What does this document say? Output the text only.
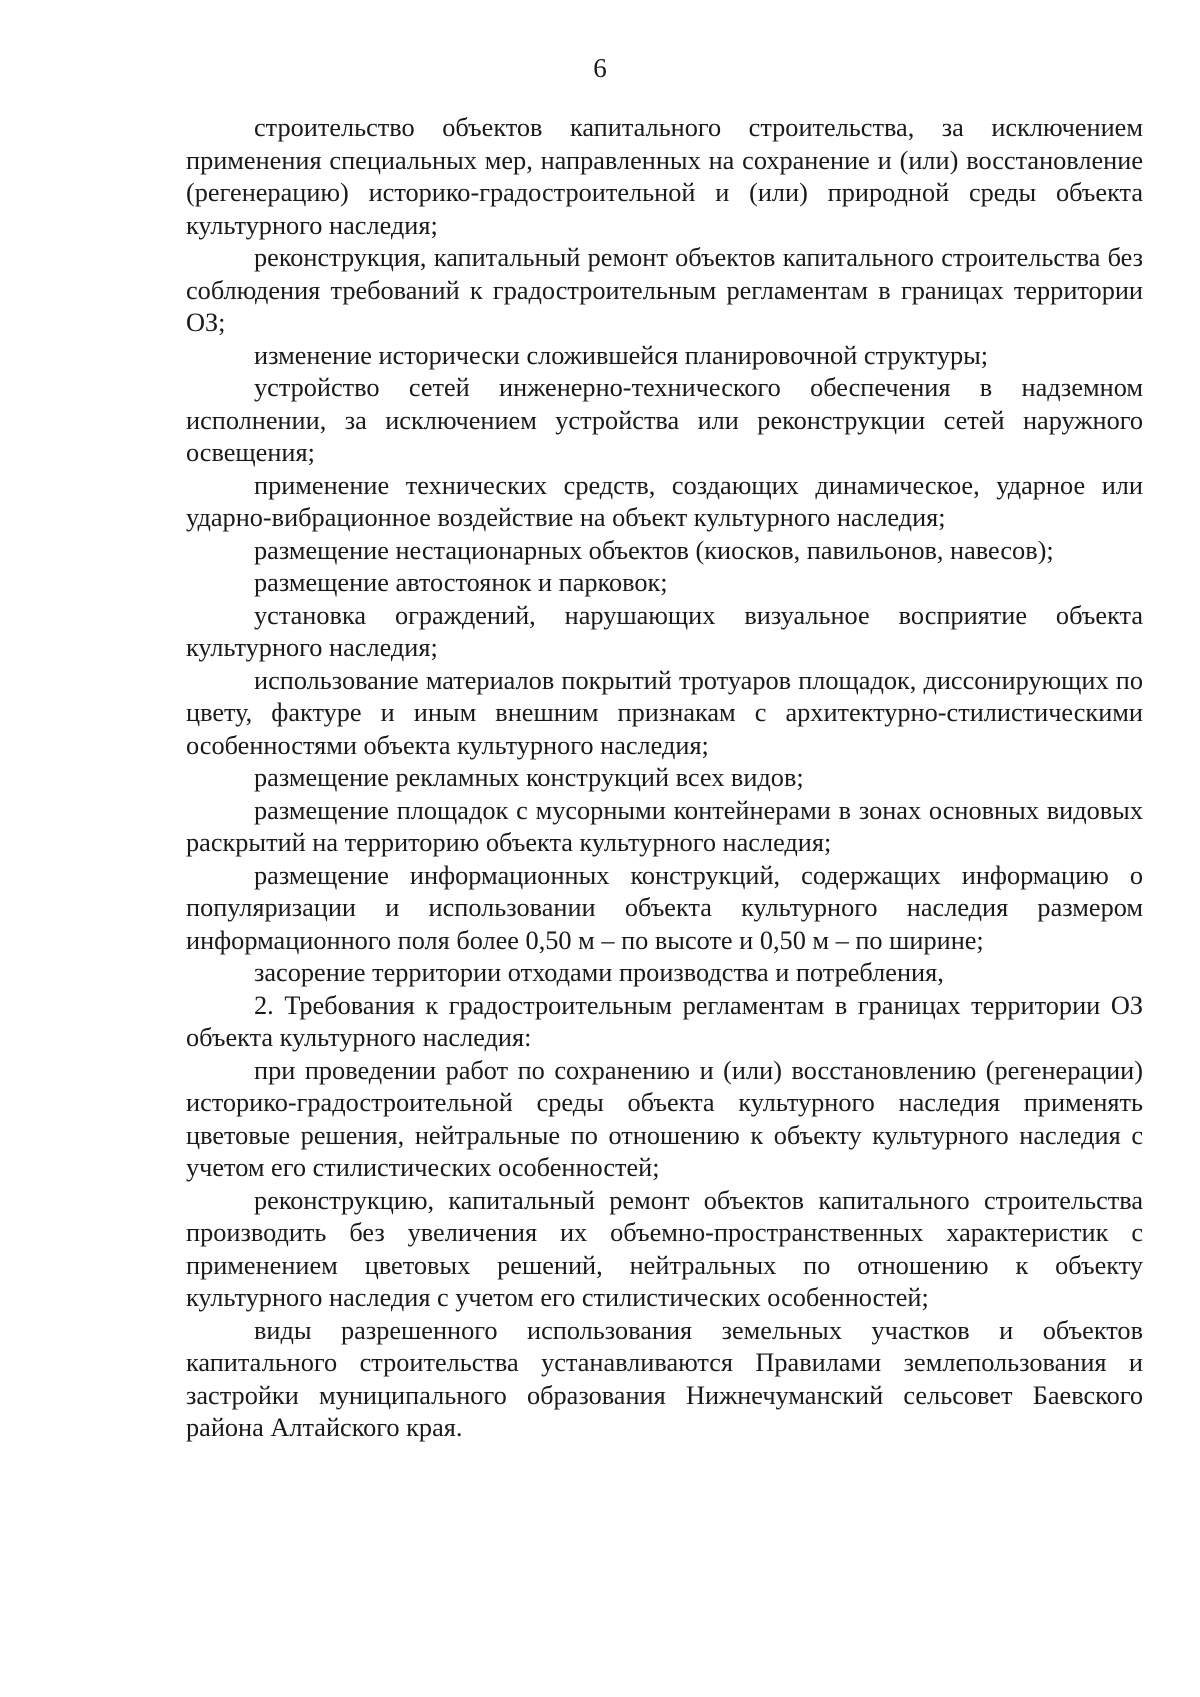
6

строительство объектов капитального строительства, за исключением применения специальных мер, направленных на сохранение и (или) восстановление (регенерацию) историко-градостроительной и (или) природной среды объекта культурного наследия;

реконструкция, капитальный ремонт объектов капитального строительства без соблюдения требований к градостроительным регламентам в границах территории ОЗ;

изменение исторически сложившейся планировочной структуры;

устройство сетей инженерно-технического обеспечения в надземном исполнении, за исключением устройства или реконструкции сетей наружного освещения;

применение технических средств, создающих динамическое, ударное или ударно-вибрационное воздействие на объект культурного наследия;

размещение нестационарных объектов (киосков, павильонов, навесов);

размещение автостоянок и парковок;

установка ограждений, нарушающих визуальное восприятие объекта культурного наследия;

использование материалов покрытий тротуаров площадок, диссонирующих по цвету, фактуре и иным внешним признакам с архитектурно-стилистическими особенностями объекта культурного наследия;

размещение рекламных конструкций всех видов;

размещение площадок с мусорными контейнерами в зонах основных видовых раскрытий на территорию объекта культурного наследия;

размещение информационных конструкций, содержащих информацию о популяризации и использовании объекта культурного наследия размером информационного поля более 0,50 м – по высоте и 0,50 м – по ширине;

засорение территории отходами производства и потребления,

2. Требования к градостроительным регламентам в границах территории ОЗ объекта культурного наследия:

при проведении работ по сохранению и (или) восстановлению (регенерации) историко-градостроительной среды объекта культурного наследия применять цветовые решения, нейтральные по отношению к объекту культурного наследия с учетом его стилистических особенностей;

реконструкцию, капитальный ремонт объектов капитального строительства производить без увеличения их объемно-пространственных характеристик с применением цветовых решений, нейтральных по отношению к объекту культурного наследия с учетом его стилистических особенностей;

виды разрешенного использования земельных участков и объектов капитального строительства устанавливаются Правилами землепользования и застройки муниципального образования Нижнечуманский сельсовет Баевского района Алтайского края.
